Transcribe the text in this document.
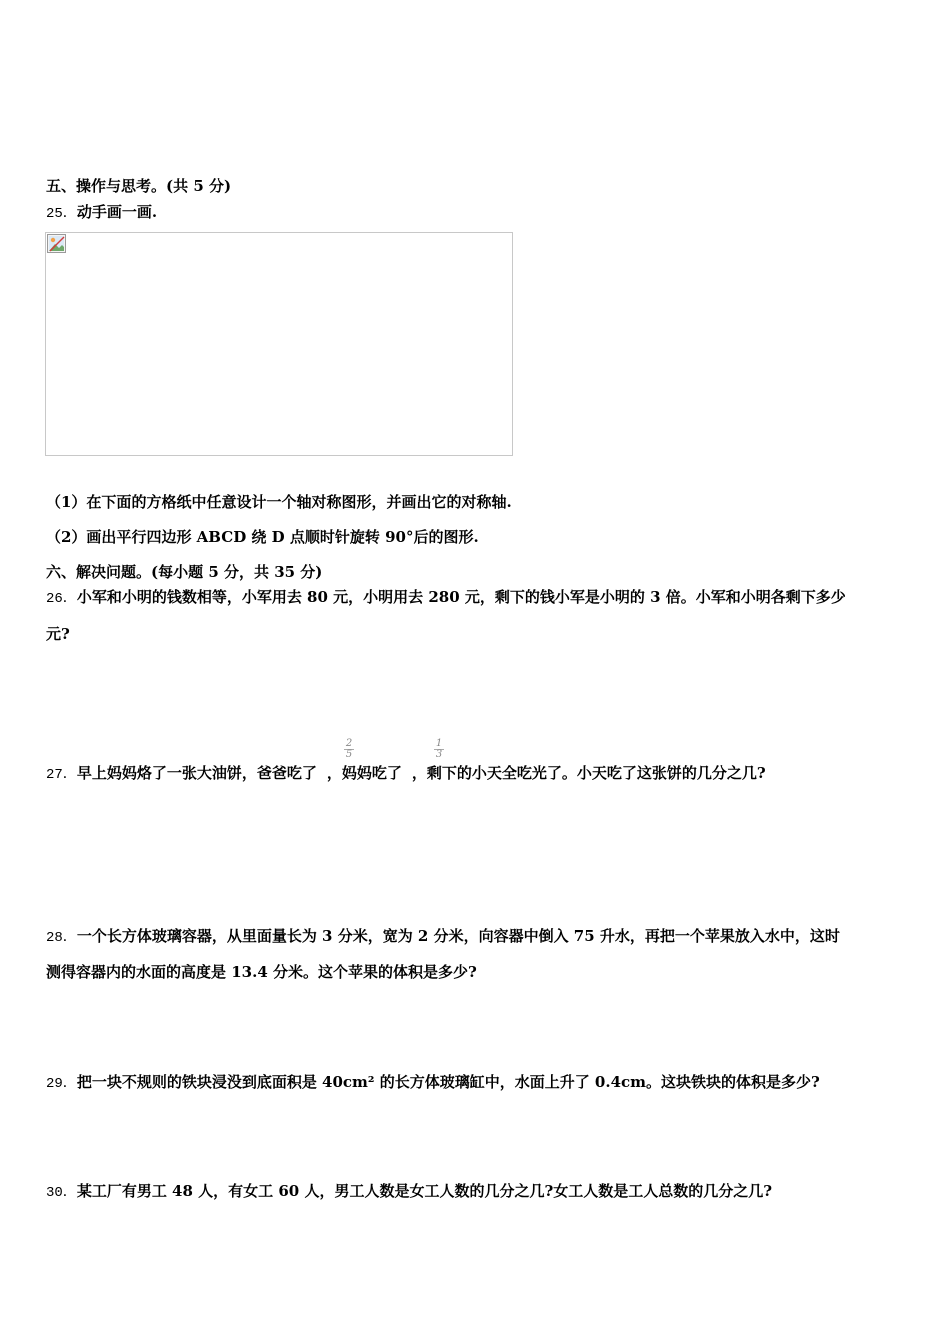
五、操作与思考。(共 5 分)
25．动手画一画.
（1）在下面的方格纸中任意设计一个轴对称图形，并画出它的对称轴.
（2）画出平行四边形 ABCD 绕 D 点顺时针旋转 90°后的图形.
六、解决问题。(每小题 5 分，共 35 分)
26．小军和小明的钱数相等，小军用去 80 元，小明用去 280 元，剩下的钱小军是小明的 3 倍。小军和小明各剩下多少
元?
27．早上妈妈烙了一张大油饼，爸爸吃了 ，妈妈吃了 ，剩下的小天全吃光了。小天吃了这张饼的几分之几?
$\frac{2}{5}$	$\frac{1}{3}$
28．一个长方体玻璃容器，从里面量长为 3 分米，宽为 2 分米，向容器中倒入 75 升水，再把一个苹果放入水中，这时
测得容器内的水面的高度是 13.4 分米。这个苹果的体积是多少?
29．把一块不规则的铁块浸没到底面积是 40cm² 的长方体玻璃缸中，水面上升了 0.4cm。这块铁块的体积是多少?
30．某工厂有男工 48 人，有女工 60 人，男工人数是女工人数的几分之几?女工人数是工人总数的几分之几?
